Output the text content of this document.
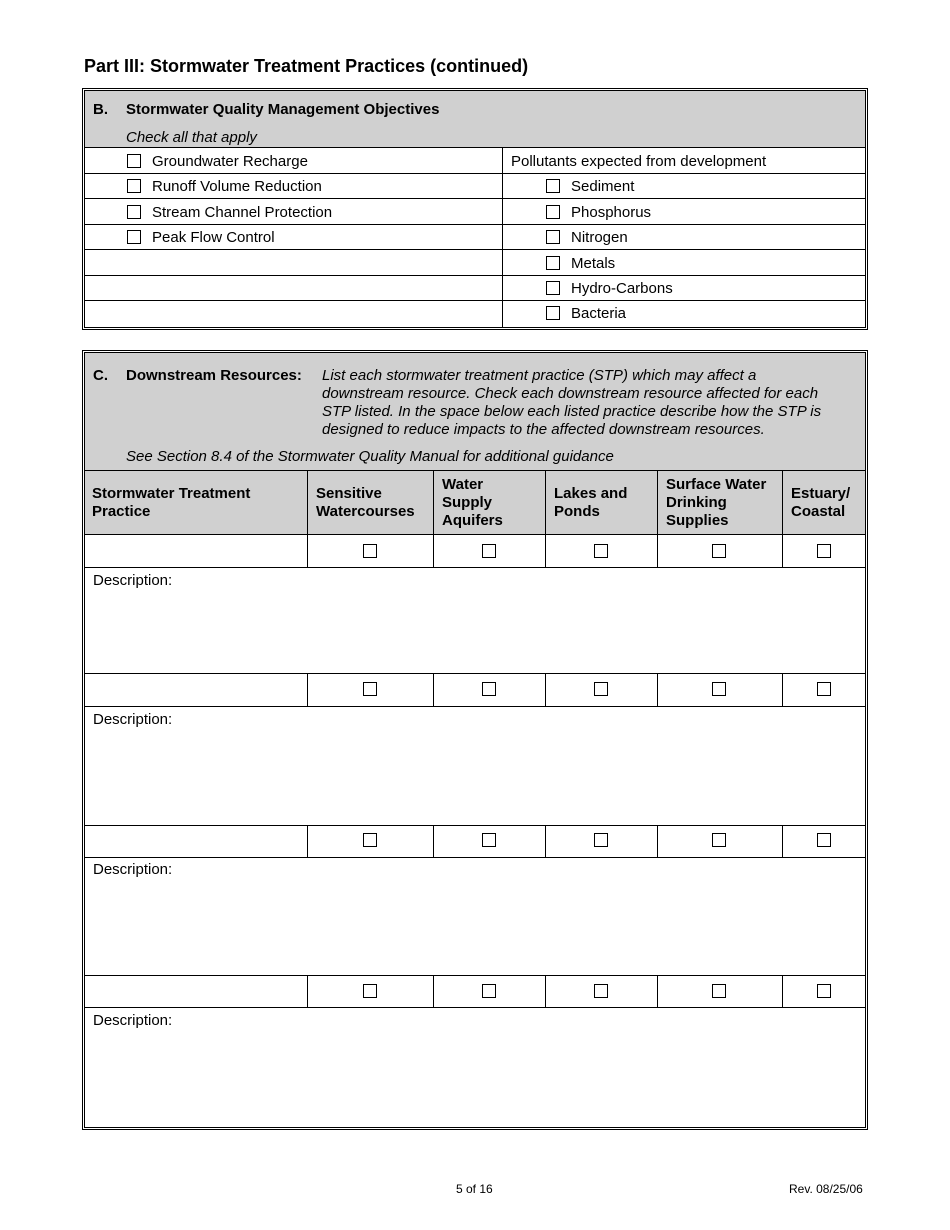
Part III: Stormwater Treatment Practices (continued)
B. Stormwater Quality Management Objectives
Check all that apply
Groundwater Recharge
Runoff Volume Reduction
Stream Channel Protection
Peak Flow Control
Pollutants expected from development
Sediment
Phosphorus
Nitrogen
Metals
Hydro-Carbons
Bacteria
C. Downstream Resources: List each stormwater treatment practice (STP) which may affect a
downstream resource. Check each downstream resource affected for each
STP listed. In the space below each listed practice describe how the STP is
designed to reduce impacts to the affected downstream resources.
See Section 8.4 of the Stormwater Quality Manual for additional guidance
Stormwater Treatment
Practice
Sensitive
Watercourses
Water
Supply
Aquifers
Lakes and
Ponds
Surface Water
Drinking
Supplies
Estuary/
Coastal
Description:
Description:
Description:
Description:
5 of 16	Rev. 08/25/06
